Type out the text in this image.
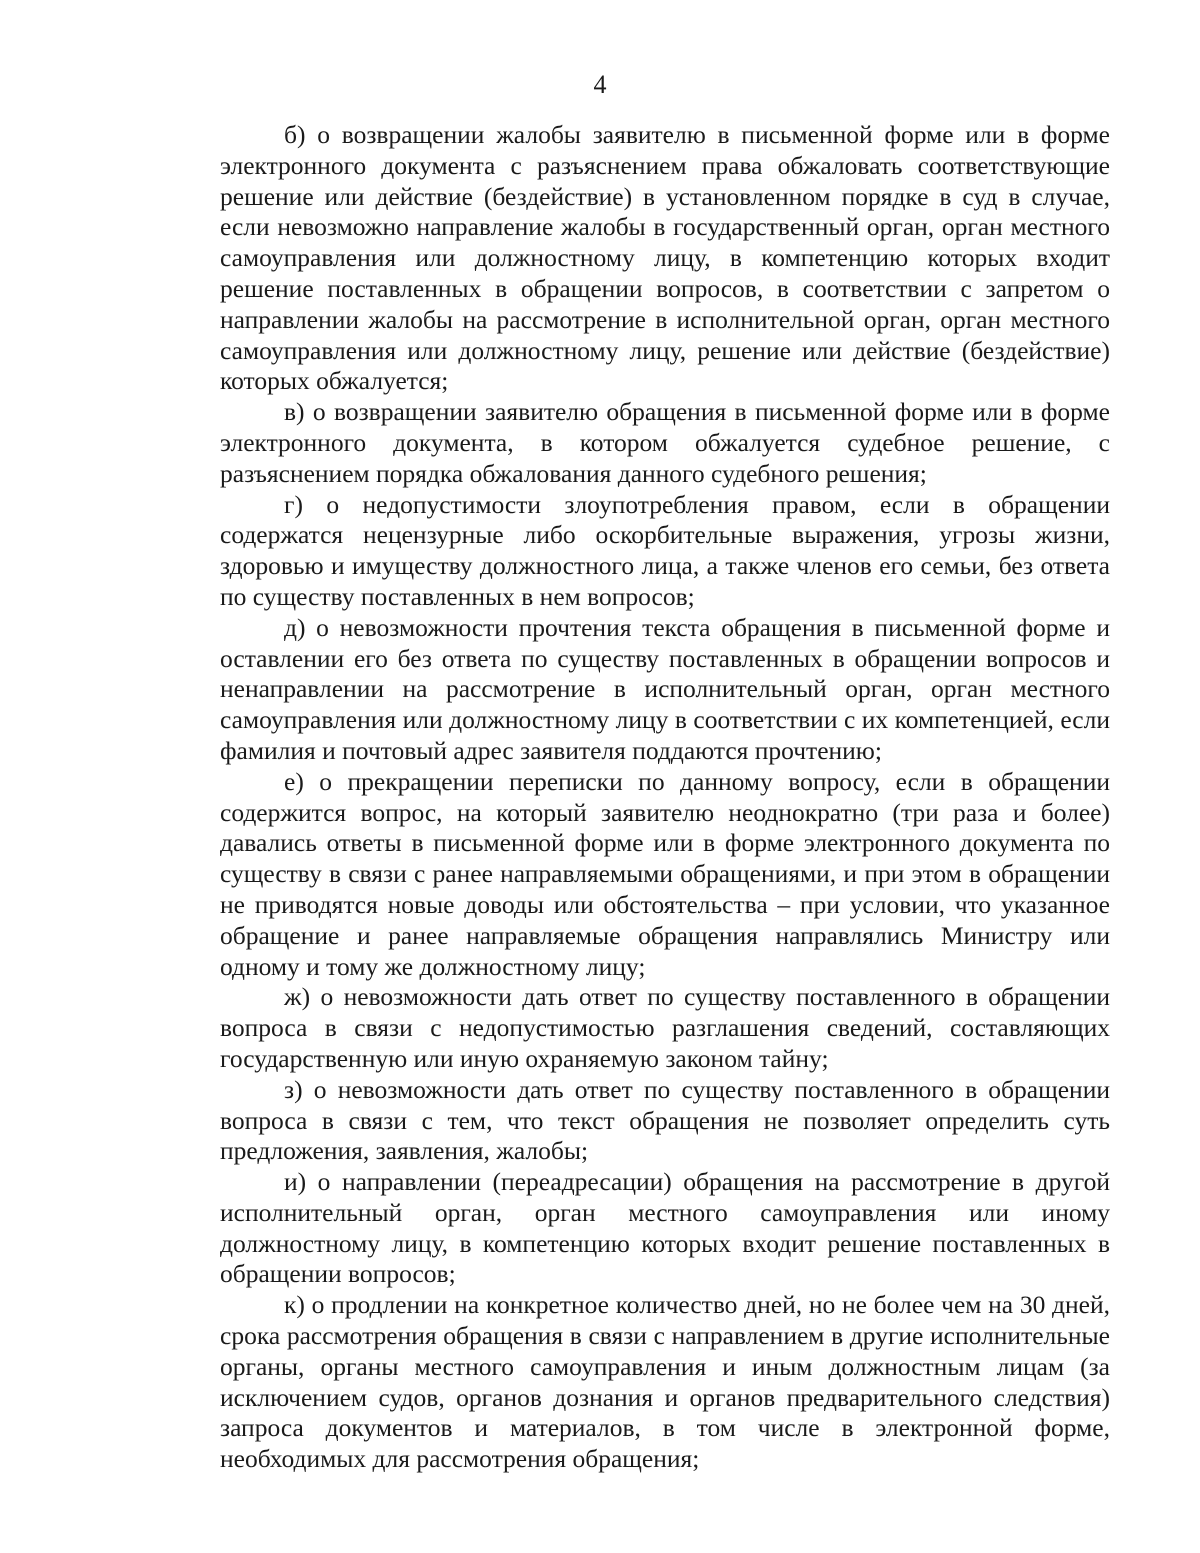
4

б) о возвращении жалобы заявителю в письменной форме или в форме электронного документа с разъяснением права обжаловать соответствующие решение или действие (бездействие) в установленном порядке в суд в случае, если невозможно направление жалобы в государственный орган, орган местного самоуправления или должностному лицу, в компетенцию которых входит решение поставленных в обращении вопросов, в соответствии с запретом о направлении жалобы на рассмотрение в исполнительной орган, орган местного самоуправления или должностному лицу, решение или действие (бездействие) которых обжалуется;

в) о возвращении заявителю обращения в письменной форме или в форме электронного документа, в котором обжалуется судебное решение, с разъяснением порядка обжалования данного судебного решения;

г) о недопустимости злоупотребления правом, если в обращении содержатся нецензурные либо оскорбительные выражения, угрозы жизни, здоровью и имуществу должностного лица, а также членов его семьи, без ответа по существу поставленных в нем вопросов;

д) о невозможности прочтения текста обращения в письменной форме и оставлении его без ответа по существу поставленных в обращении вопросов и ненаправлении на рассмотрение в исполнительный орган, орган местного самоуправления или должностному лицу в соответствии с их компетенцией, если фамилия и почтовый адрес заявителя поддаются прочтению;

е) о прекращении переписки по данному вопросу, если в обращении содержится вопрос, на который заявителю неоднократно (три раза и более) давались ответы в письменной форме или в форме электронного документа по существу в связи с ранее направляемыми обращениями, и при этом в обращении не приводятся новые доводы или обстоятельства – при условии, что указанное обращение и ранее направляемые обращения направлялись Министру или одному и тому же должностному лицу;

ж) о невозможности дать ответ по существу поставленного в обращении вопроса в связи с недопустимостью разглашения сведений, составляющих государственную или иную охраняемую законом тайну;

з) о невозможности дать ответ по существу поставленного в обращении вопроса в связи с тем, что текст обращения не позволяет определить суть предложения, заявления, жалобы;

и) о направлении (переадресации) обращения на рассмотрение в другой исполнительный орган, орган местного самоуправления или иному должностному лицу, в компетенцию которых входит решение поставленных в обращении вопросов;

к) о продлении на конкретное количество дней, но не более чем на 30 дней, срока рассмотрения обращения в связи с направлением в другие исполнительные органы, органы местного самоуправления и иным должностным лицам (за исключением судов, органов дознания и органов предварительного следствия) запроса документов и материалов, в том числе в электронной форме, необходимых для рассмотрения обращения;
